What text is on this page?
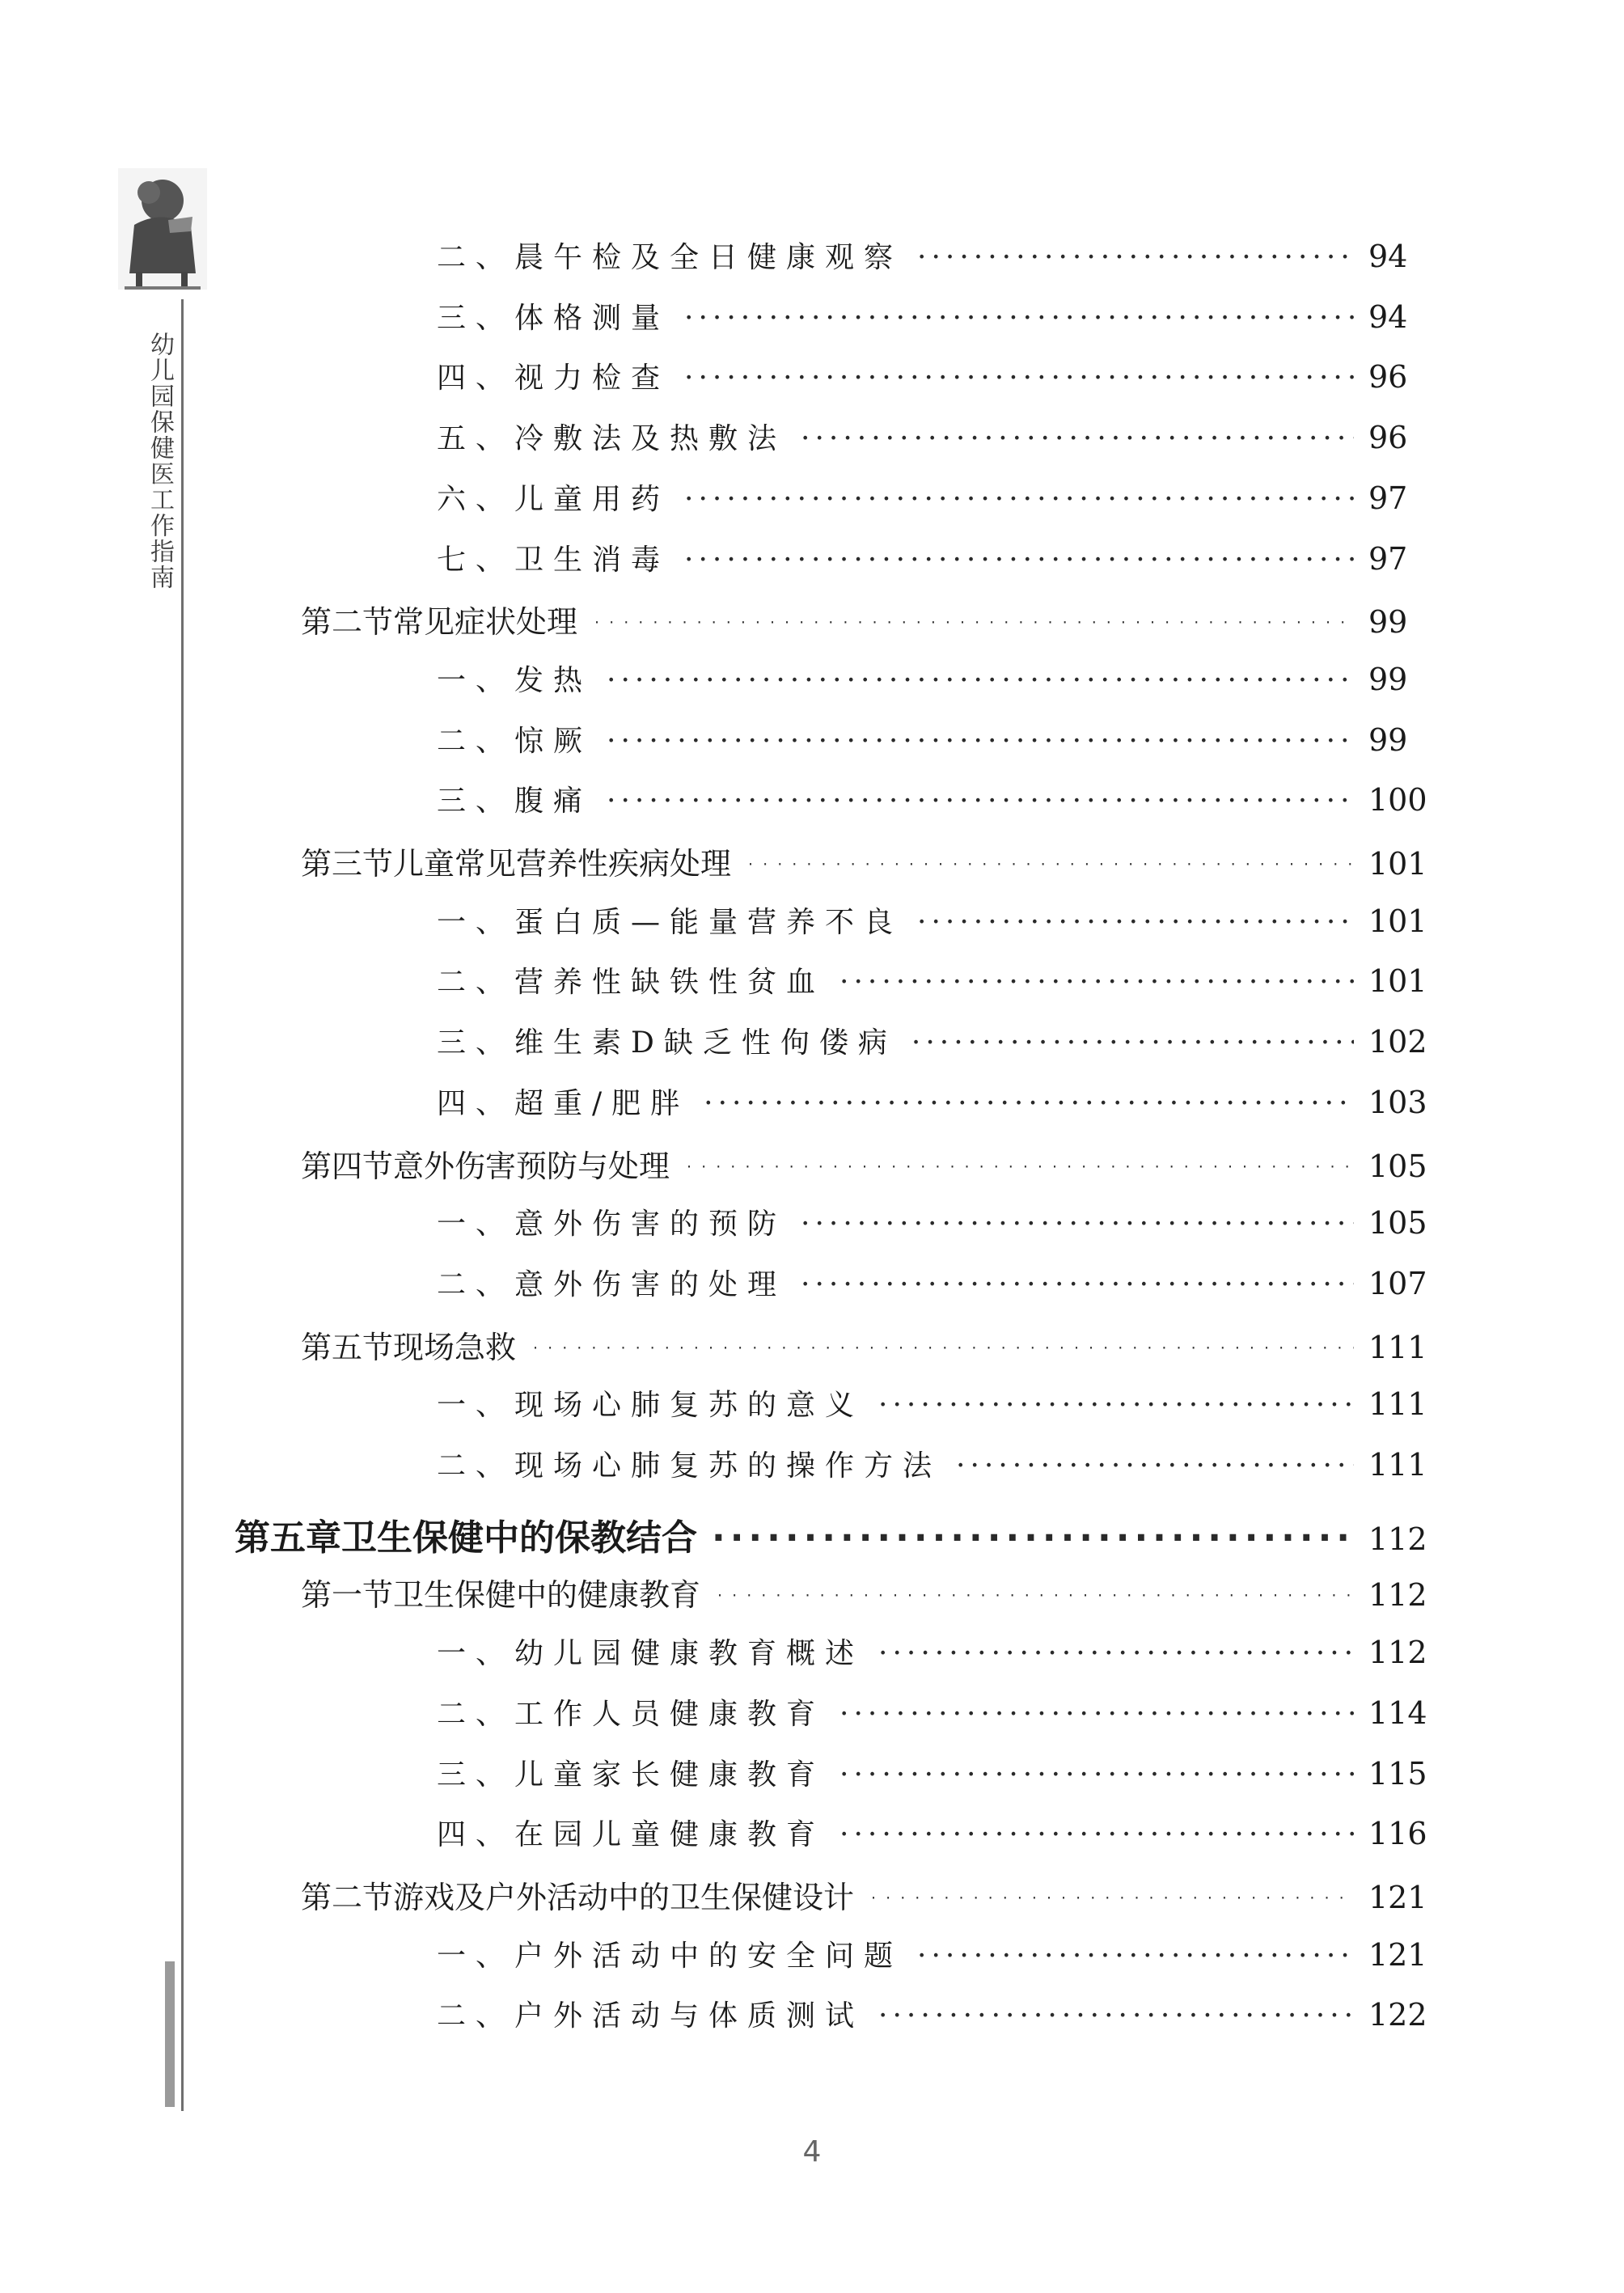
幼儿园保健医工作指南
二、晨午检及全日健康观察 ·····	94
三、体格测量 ·····	94
四、视力检查 ·····	96
五、冷敷法及热敷法 ·····	96
六、儿童用药 ·····	97
七、卫生消毒 ·····	97
第二节 常见症状处理 ·····	99
一、发热 ·····	99
二、惊厥 ·····	99
三、腹痛 ·····	100
第三节 儿童常见营养性疾病处理 ·····	101
一、蛋白质—能量营养不良 ·····	101
二、营养性缺铁性贫血 ·····	101
三、维生素D缺乏性佝偻病 ·····	102
四、超重/肥胖 ·····	103
第四节 意外伤害预防与处理 ·····	105
一、意外伤害的预防 ·····	105
二、意外伤害的处理 ·····	107
第五节 现场急救 ·····	111
一、现场心肺复苏的意义 ·····	111
二、现场心肺复苏的操作方法 ·····	111
第五章 卫生保健中的保教结合 ·····	112
第一节 卫生保健中的健康教育 ·····	112
一、幼儿园健康教育概述 ·····	112
二、工作人员健康教育 ·····	114
三、儿童家长健康教育 ·····	115
四、在园儿童健康教育 ·····	116
第二节 游戏及户外活动中的卫生保健设计 ·····	121
一、户外活动中的安全问题 ·····	121
二、户外活动与体质测试 ·····	122
4
